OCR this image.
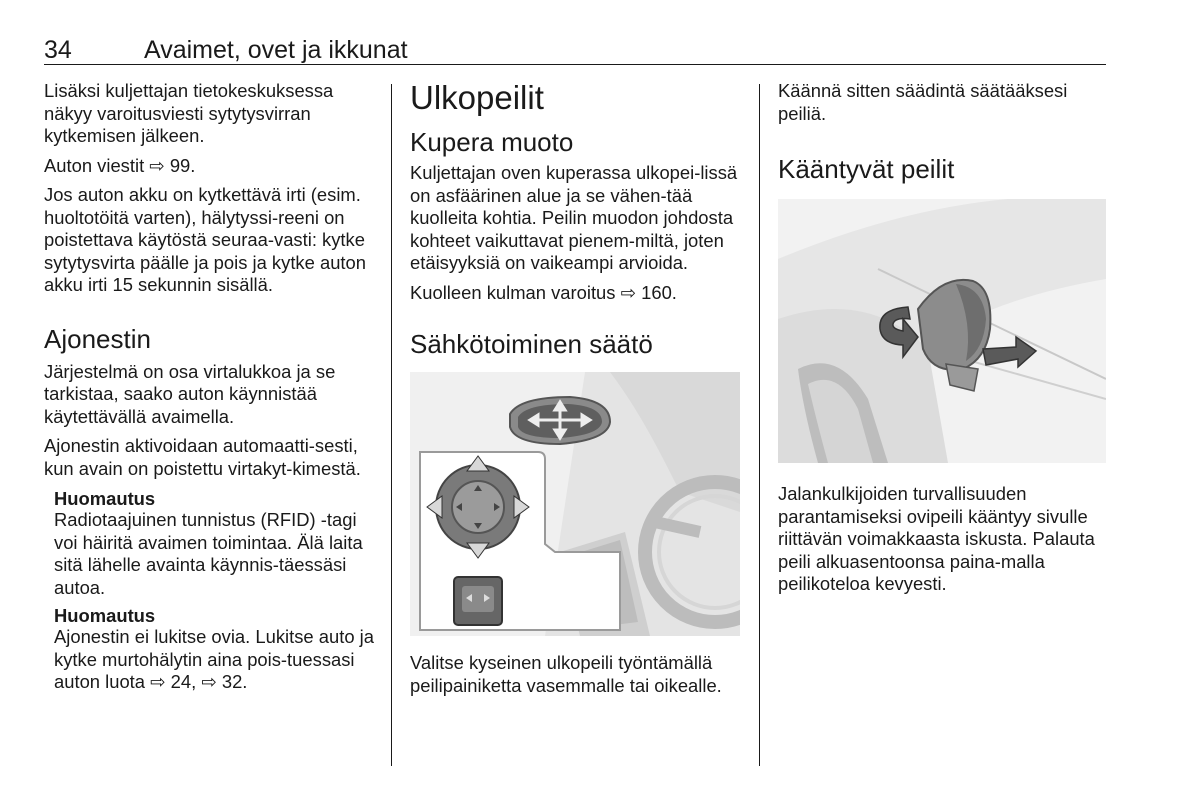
34	Avaimet, ovet ja ikkunat

Lisäksi kuljettajan tietokeskuksessa näkyy varoitusviesti sytytysvirran kytkemisen jälkeen.

Auton viestit ⇨ 99.

Jos auton akku on kytkettävä irti (esim. huoltotöitä varten), hälytyssi-reeni on poistettava käytöstä seuraa-vasti: kytke sytytysvirta päälle ja pois ja kytke auton akku irti 15 sekunnin sisällä.

Ajonestin

Järjestelmä on osa virtalukkoa ja se tarkistaa, saako auton käynnistää käytettävällä avaimella.

Ajonestin aktivoidaan automaatti-sesti, kun avain on poistettu virtakyt-kimestä.

Huomautus

Radiotaajuinen tunnistus (RFID) -tagi voi häiritä avaimen toimintaa. Älä laita sitä lähelle avainta käynnis-täessäsi autoa.

Huomautus

Ajonestin ei lukitse ovia. Lukitse auto ja kytke murtohälytin aina pois-tuessasi auton luota ⇨ 24, ⇨ 32.

Ulkopeilit
Kupera muoto

Kuljettajan oven kuperassa ulkopei-lissä on asfäärinen alue ja se vähen-tää kuolleita kohtia. Peilin muodon johdosta kohteet vaikuttavat pienem-miltä, joten etäisyyksiä on vaikeampi arvioida.

Kuolleen kulman varoitus ⇨ 160.

Sähkötoiminen säätö

Valitse kyseinen ulkopeili työntämällä peilipainiketta vasemmalle tai oikealle.

Käännä sitten säädintä säätääksesi peiliä.

Kääntyvät peilit

Jalankulkijoiden turvallisuuden parantamiseksi ovipeili kääntyy sivulle riittävän voimakkaasta iskusta. Palauta peili alkuasentoonsa paina-malla peilikoteloa kevyesti.
